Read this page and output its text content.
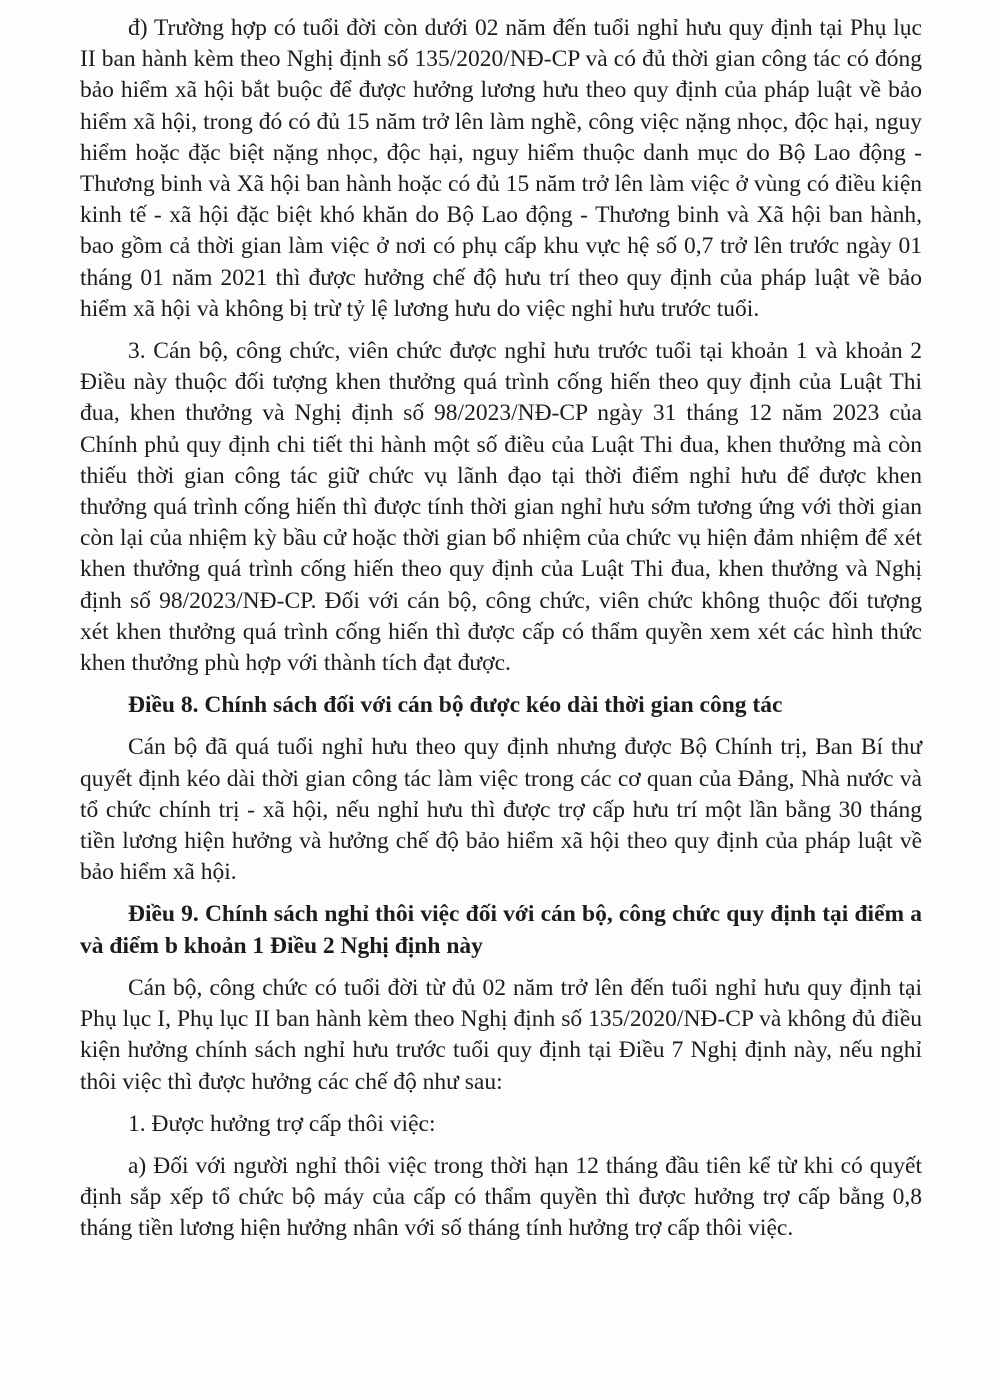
đ) Trường hợp có tuổi đời còn dưới 02 năm đến tuổi nghỉ hưu quy định tại Phụ lục II ban hành kèm theo Nghị định số 135/2020/NĐ-CP và có đủ thời gian công tác có đóng bảo hiểm xã hội bắt buộc để được hưởng lương hưu theo quy định của pháp luật về bảo hiểm xã hội, trong đó có đủ 15 năm trở lên làm nghề, công việc nặng nhọc, độc hại, nguy hiểm hoặc đặc biệt nặng nhọc, độc hại, nguy hiểm thuộc danh mục do Bộ Lao động - Thương binh và Xã hội ban hành hoặc có đủ 15 năm trở lên làm việc ở vùng có điều kiện kinh tế - xã hội đặc biệt khó khăn do Bộ Lao động - Thương binh và Xã hội ban hành, bao gồm cả thời gian làm việc ở nơi có phụ cấp khu vực hệ số 0,7 trở lên trước ngày 01 tháng 01 năm 2021 thì được hưởng chế độ hưu trí theo quy định của pháp luật về bảo hiểm xã hội và không bị trừ tỷ lệ lương hưu do việc nghỉ hưu trước tuổi.

3. Cán bộ, công chức, viên chức được nghỉ hưu trước tuổi tại khoản 1 và khoản 2 Điều này thuộc đối tượng khen thưởng quá trình cống hiến theo quy định của Luật Thi đua, khen thưởng và Nghị định số 98/2023/NĐ-CP ngày 31 tháng 12 năm 2023 của Chính phủ quy định chi tiết thi hành một số điều của Luật Thi đua, khen thưởng mà còn thiếu thời gian công tác giữ chức vụ lãnh đạo tại thời điểm nghỉ hưu để được khen thưởng quá trình cống hiến thì được tính thời gian nghỉ hưu sớm tương ứng với thời gian còn lại của nhiệm kỳ bầu cử hoặc thời gian bổ nhiệm của chức vụ hiện đảm nhiệm để xét khen thưởng quá trình cống hiến theo quy định của Luật Thi đua, khen thưởng và Nghị định số 98/2023/NĐ-CP. Đối với cán bộ, công chức, viên chức không thuộc đối tượng xét khen thưởng quá trình cống hiến thì được cấp có thẩm quyền xem xét các hình thức khen thưởng phù hợp với thành tích đạt được.

Điều 8. Chính sách đối với cán bộ được kéo dài thời gian công tác

Cán bộ đã quá tuổi nghỉ hưu theo quy định nhưng được Bộ Chính trị, Ban Bí thư quyết định kéo dài thời gian công tác làm việc trong các cơ quan của Đảng, Nhà nước và tổ chức chính trị - xã hội, nếu nghỉ hưu thì được trợ cấp hưu trí một lần bằng 30 tháng tiền lương hiện hưởng và hưởng chế độ bảo hiểm xã hội theo quy định của pháp luật về bảo hiểm xã hội.

Điều 9. Chính sách nghỉ thôi việc đối với cán bộ, công chức quy định tại điểm a và điểm b khoản 1 Điều 2 Nghị định này

Cán bộ, công chức có tuổi đời từ đủ 02 năm trở lên đến tuổi nghỉ hưu quy định tại Phụ lục I, Phụ lục II ban hành kèm theo Nghị định số 135/2020/NĐ-CP và không đủ điều kiện hưởng chính sách nghỉ hưu trước tuổi quy định tại Điều 7 Nghị định này, nếu nghỉ thôi việc thì được hưởng các chế độ như sau:

1. Được hưởng trợ cấp thôi việc:

a) Đối với người nghỉ thôi việc trong thời hạn 12 tháng đầu tiên kể từ khi có quyết định sắp xếp tổ chức bộ máy của cấp có thẩm quyền thì được hưởng trợ cấp bằng 0,8 tháng tiền lương hiện hưởng nhân với số tháng tính hưởng trợ cấp thôi việc.
